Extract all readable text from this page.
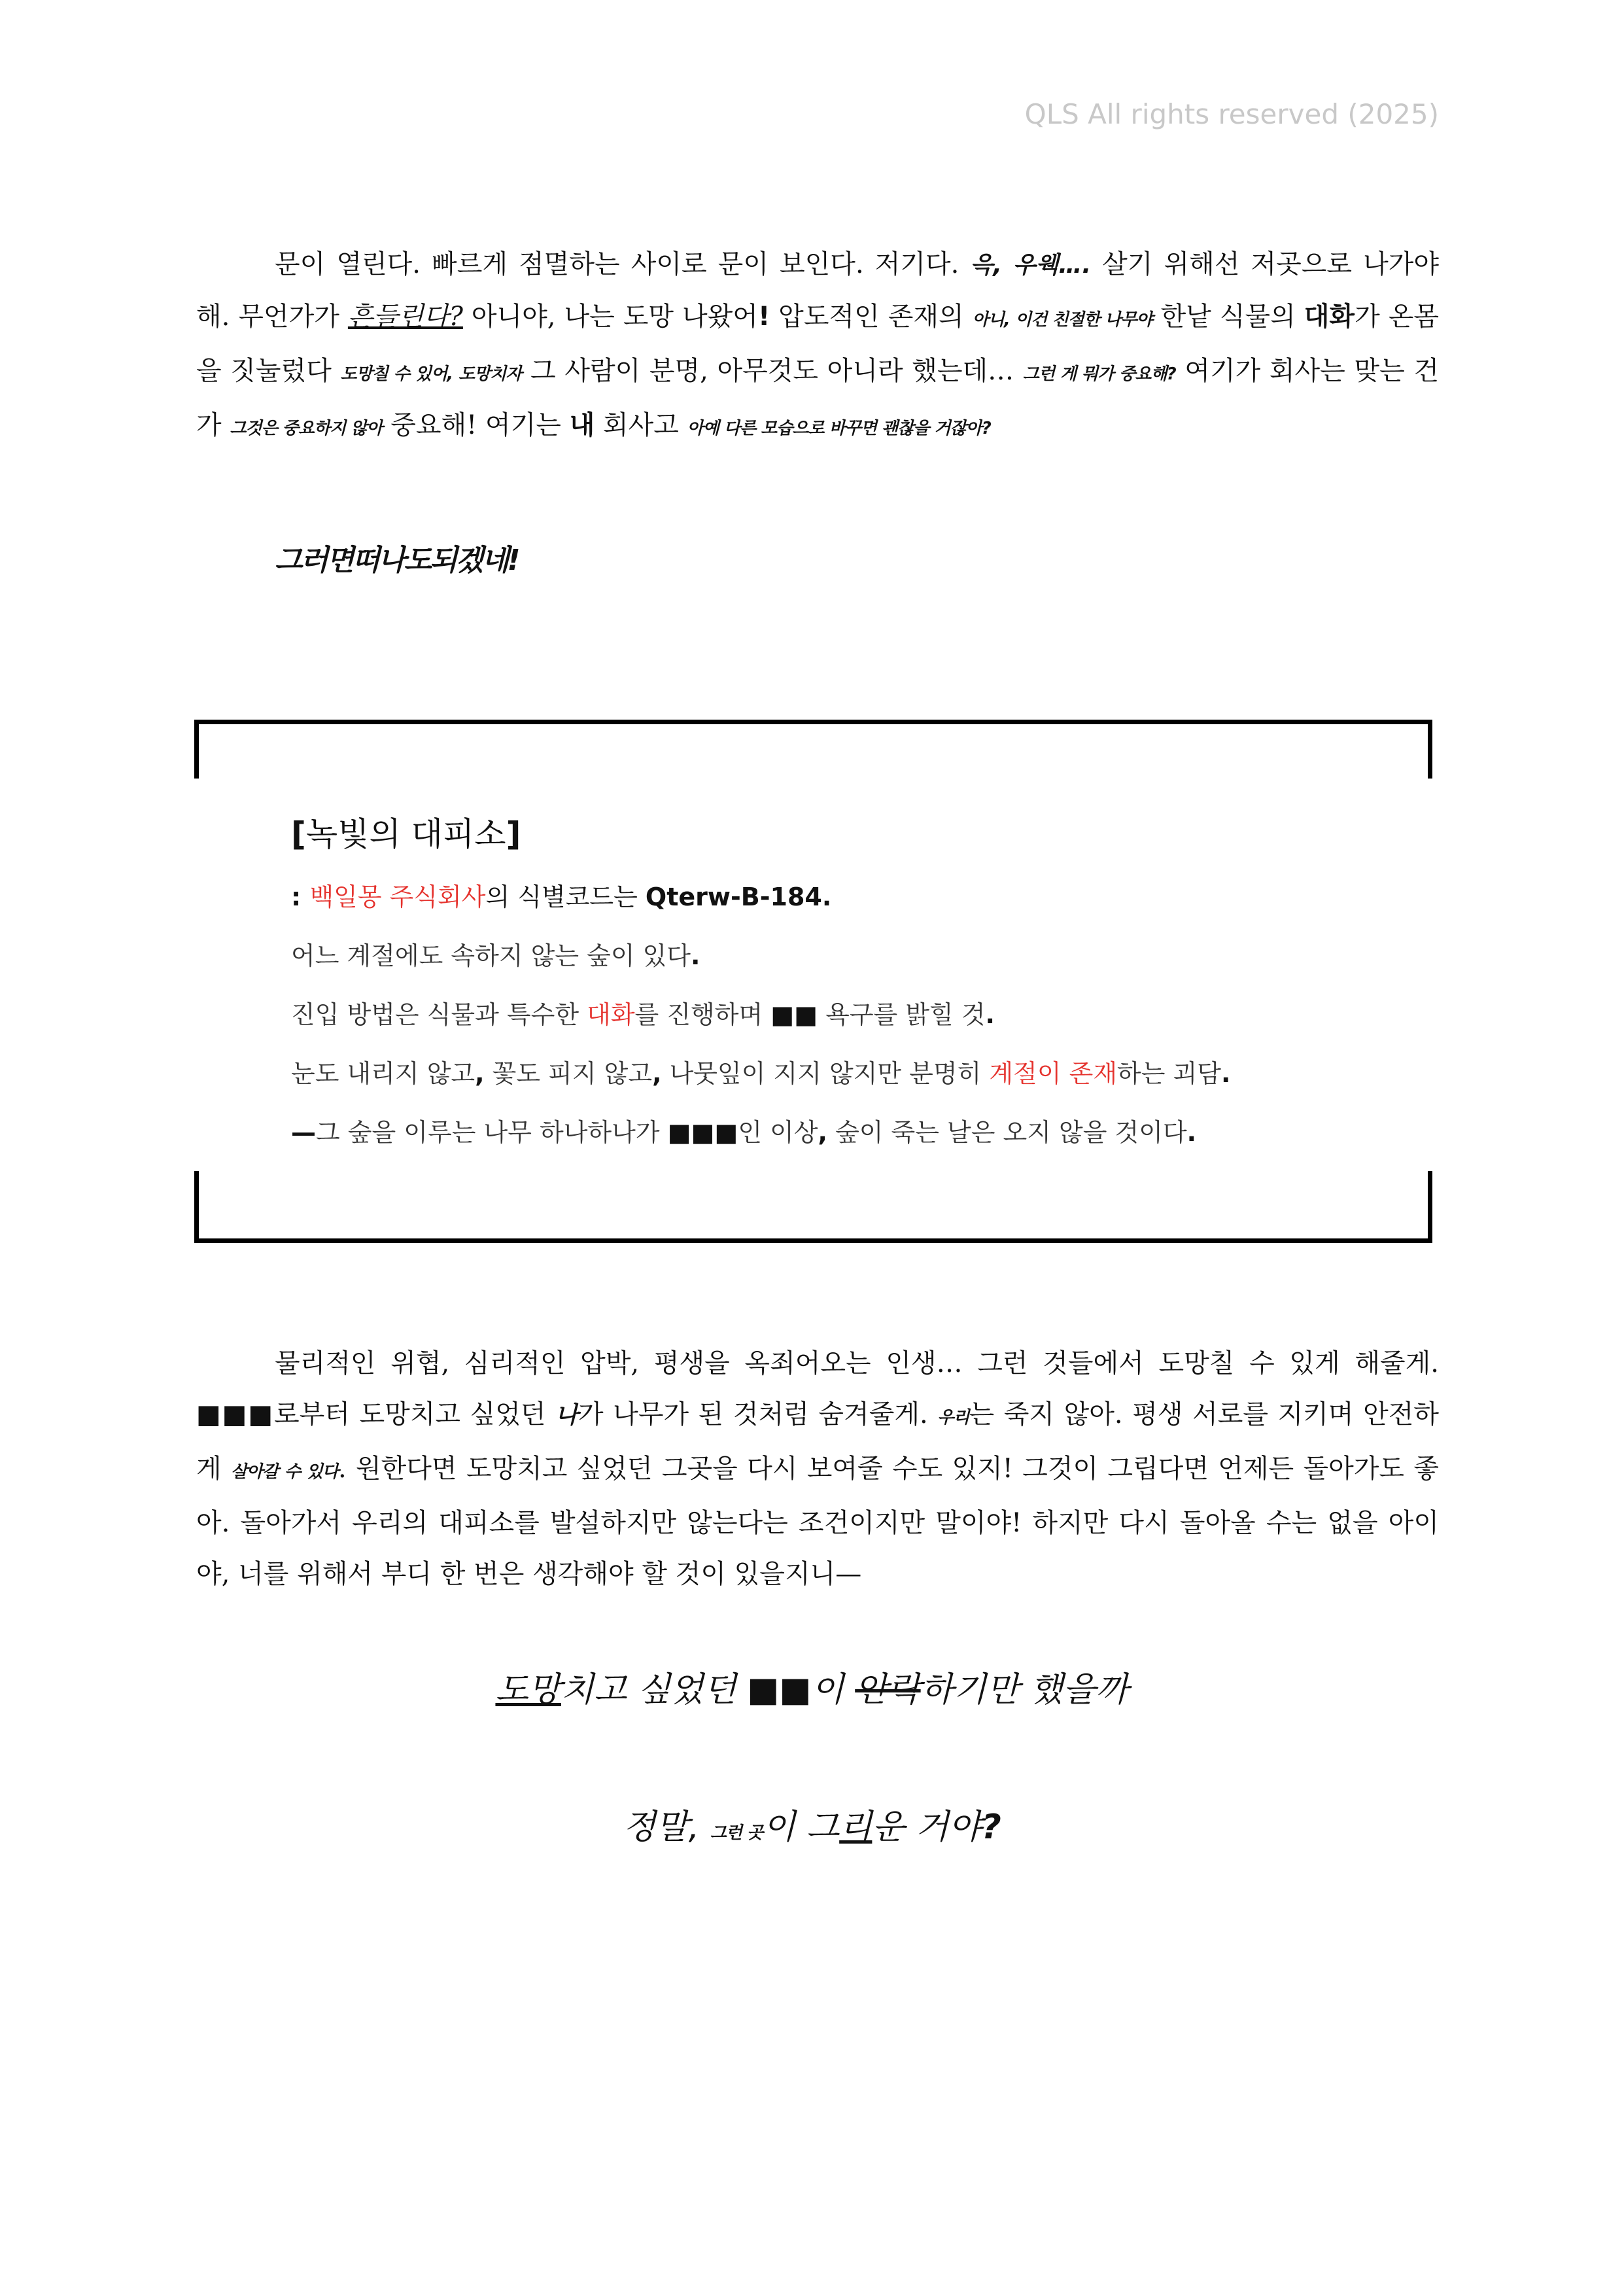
QLS All rights reserved (2025)
문이 열린다. 빠르게 점멸하는 사이로 문이 보인다. 저기다. 윽, 우웩…. 살기 위해선 저곳으로 나가야 해. 무언가가 흔들린다? 아니야, 나는 도망 나왔어! 압도적인 존재의 아니, 이건 친절한 나무야 한낱 식물의 대화가 온몸을 짓눌렀다 도망칠 수 있어, 도망치자 그 사람이 분명, 아무것도 아니라 했는데… 그런 게 뭐가 중요해? 여기가 회사는 맞는 건가 그것은 중요하지 않아 중요해! 여기는 내 회사고 아예 다른 모습으로 바꾸면 괜찮을 거잖아?
그러면떠나도되겠네!
[녹빛의 대피소]
: 백일몽 주식회사의 식별코드는 Qterw-B-184.
어느 계절에도 속하지 않는 숲이 있다.
진입 방법은 식물과 특수한 대화를 진행하며 ■■ 욕구를 밝힐 것.
눈도 내리지 않고, 꽃도 피지 않고, 나뭇잎이 지지 않지만 분명히 계절이 존재하는 괴담.
—그 숲을 이루는 나무 하나하나가 ■■■인 이상, 숲이 죽는 날은 오지 않을 것이다.
물리적인 위협, 심리적인 압박, 평생을 옥죄어오는 인생… 그런 것들에서 도망칠 수 있게 해줄게. ■■■로부터 도망치고 싶었던 나가 나무가 된 것처럼 숨겨줄게. 우리는 죽지 않아. 평생 서로를 지키며 안전하게 살아갈 수 있다. 원한다면 도망치고 싶었던 그곳을 다시 보여줄 수도 있지! 그것이 그립다면 언제든 돌아가도 좋아. 돌아가서 우리의 대피소를 발설하지만 않는다는 조건이지만 말이야! 하지만 다시 돌아올 수는 없을 아이야, 너를 위해서 부디 한 번은 생각해야 할 것이 있을지니—
도망치고 싶었던 ■■이 안락하기만 했을까
정말, 그런 곳이 그리운 거야?
